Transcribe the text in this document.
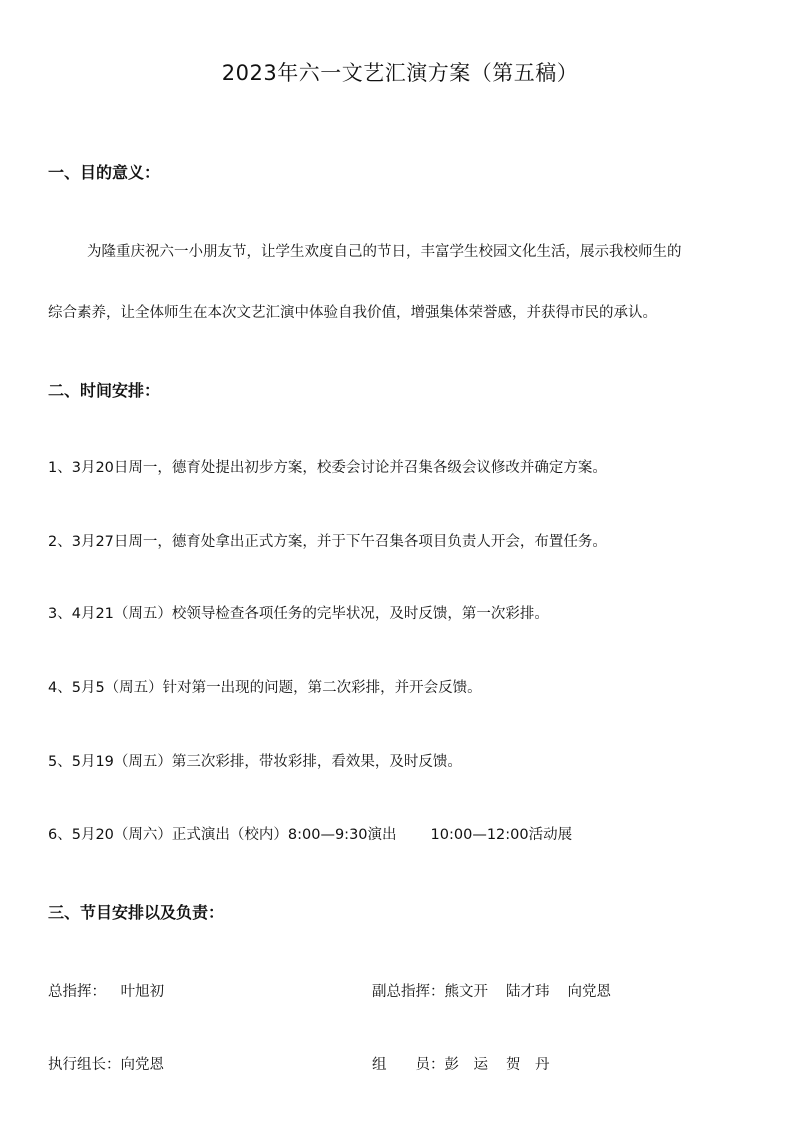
2023年六一文艺汇演方案（第五稿）
一、目的意义：
为隆重庆祝六一小朋友节，让学生欢度自己的节日，丰富学生校园文化生活，展示我校师生的
综合素养，让全体师生在本次文艺汇演中体验自我价值，增强集体荣誉感，并获得市民的承认。
二、时间安排：
1、3月20日周一，德育处提出初步方案，校委会讨论并召集各级会议修改并确定方案。
2、3月27日周一，德育处拿出正式方案，并于下午召集各项目负责人开会，布置任务。
3、4月21（周五）校领导检查各项任务的完毕状况，及时反馈，第一次彩排。
4、5月5（周五）针对第一出现的问题，第二次彩排，并开会反馈。
5、5月19（周五）第三次彩排，带妆彩排，看效果，及时反馈。
6、5月20（周六）正式演出（校内）8:00—9:30演出 10:00—12:00活动展
三、节目安排以及负责：
总指挥： 叶旭初	副总指挥：熊文开 陆才玮 向党恩
执行组长：向党恩	组　　员：彭　运 贺　丹
